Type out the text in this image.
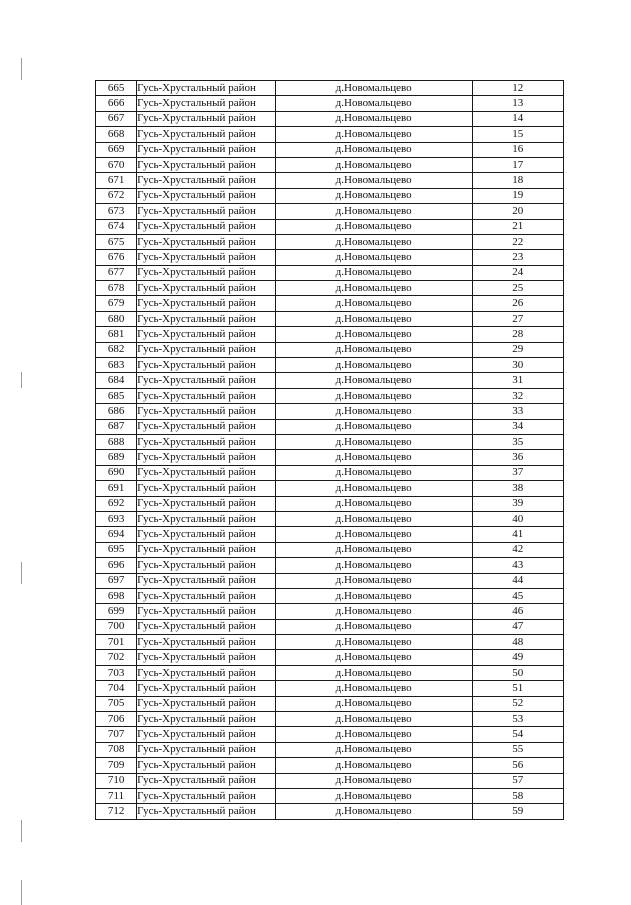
665	Гусь-Хрустальный район	д.Новомальцево	12
666	Гусь-Хрустальный район	д.Новомальцево	13
667	Гусь-Хрустальный район	д.Новомальцево	14
668	Гусь-Хрустальный район	д.Новомальцево	15
669	Гусь-Хрустальный район	д.Новомальцево	16
670	Гусь-Хрустальный район	д.Новомальцево	17
671	Гусь-Хрустальный район	д.Новомальцево	18
672	Гусь-Хрустальный район	д.Новомальцево	19
673	Гусь-Хрустальный район	д.Новомальцево	20
674	Гусь-Хрустальный район	д.Новомальцево	21
675	Гусь-Хрустальный район	д.Новомальцево	22
676	Гусь-Хрустальный район	д.Новомальцево	23
677	Гусь-Хрустальный район	д.Новомальцево	24
678	Гусь-Хрустальный район	д.Новомальцево	25
679	Гусь-Хрустальный район	д.Новомальцево	26
680	Гусь-Хрустальный район	д.Новомальцево	27
681	Гусь-Хрустальный район	д.Новомальцево	28
682	Гусь-Хрустальный район	д.Новомальцево	29
683	Гусь-Хрустальный район	д.Новомальцево	30
684	Гусь-Хрустальный район	д.Новомальцево	31
685	Гусь-Хрустальный район	д.Новомальцево	32
686	Гусь-Хрустальный район	д.Новомальцево	33
687	Гусь-Хрустальный район	д.Новомальцево	34
688	Гусь-Хрустальный район	д.Новомальцево	35
689	Гусь-Хрустальный район	д.Новомальцево	36
690	Гусь-Хрустальный район	д.Новомальцево	37
691	Гусь-Хрустальный район	д.Новомальцево	38
692	Гусь-Хрустальный район	д.Новомальцево	39
693	Гусь-Хрустальный район	д.Новомальцево	40
694	Гусь-Хрустальный район	д.Новомальцево	41
695	Гусь-Хрустальный район	д.Новомальцево	42
696	Гусь-Хрустальный район	д.Новомальцево	43
697	Гусь-Хрустальный район	д.Новомальцево	44
698	Гусь-Хрустальный район	д.Новомальцево	45
699	Гусь-Хрустальный район	д.Новомальцево	46
700	Гусь-Хрустальный район	д.Новомальцево	47
701	Гусь-Хрустальный район	д.Новомальцево	48
702	Гусь-Хрустальный район	д.Новомальцево	49
703	Гусь-Хрустальный район	д.Новомальцево	50
704	Гусь-Хрустальный район	д.Новомальцево	51
705	Гусь-Хрустальный район	д.Новомальцево	52
706	Гусь-Хрустальный район	д.Новомальцево	53
707	Гусь-Хрустальный район	д.Новомальцево	54
708	Гусь-Хрустальный район	д.Новомальцево	55
709	Гусь-Хрустальный район	д.Новомальцево	56
710	Гусь-Хрустальный район	д.Новомальцево	57
711	Гусь-Хрустальный район	д.Новомальцево	58
712	Гусь-Хрустальный район	д.Новомальцево	59
